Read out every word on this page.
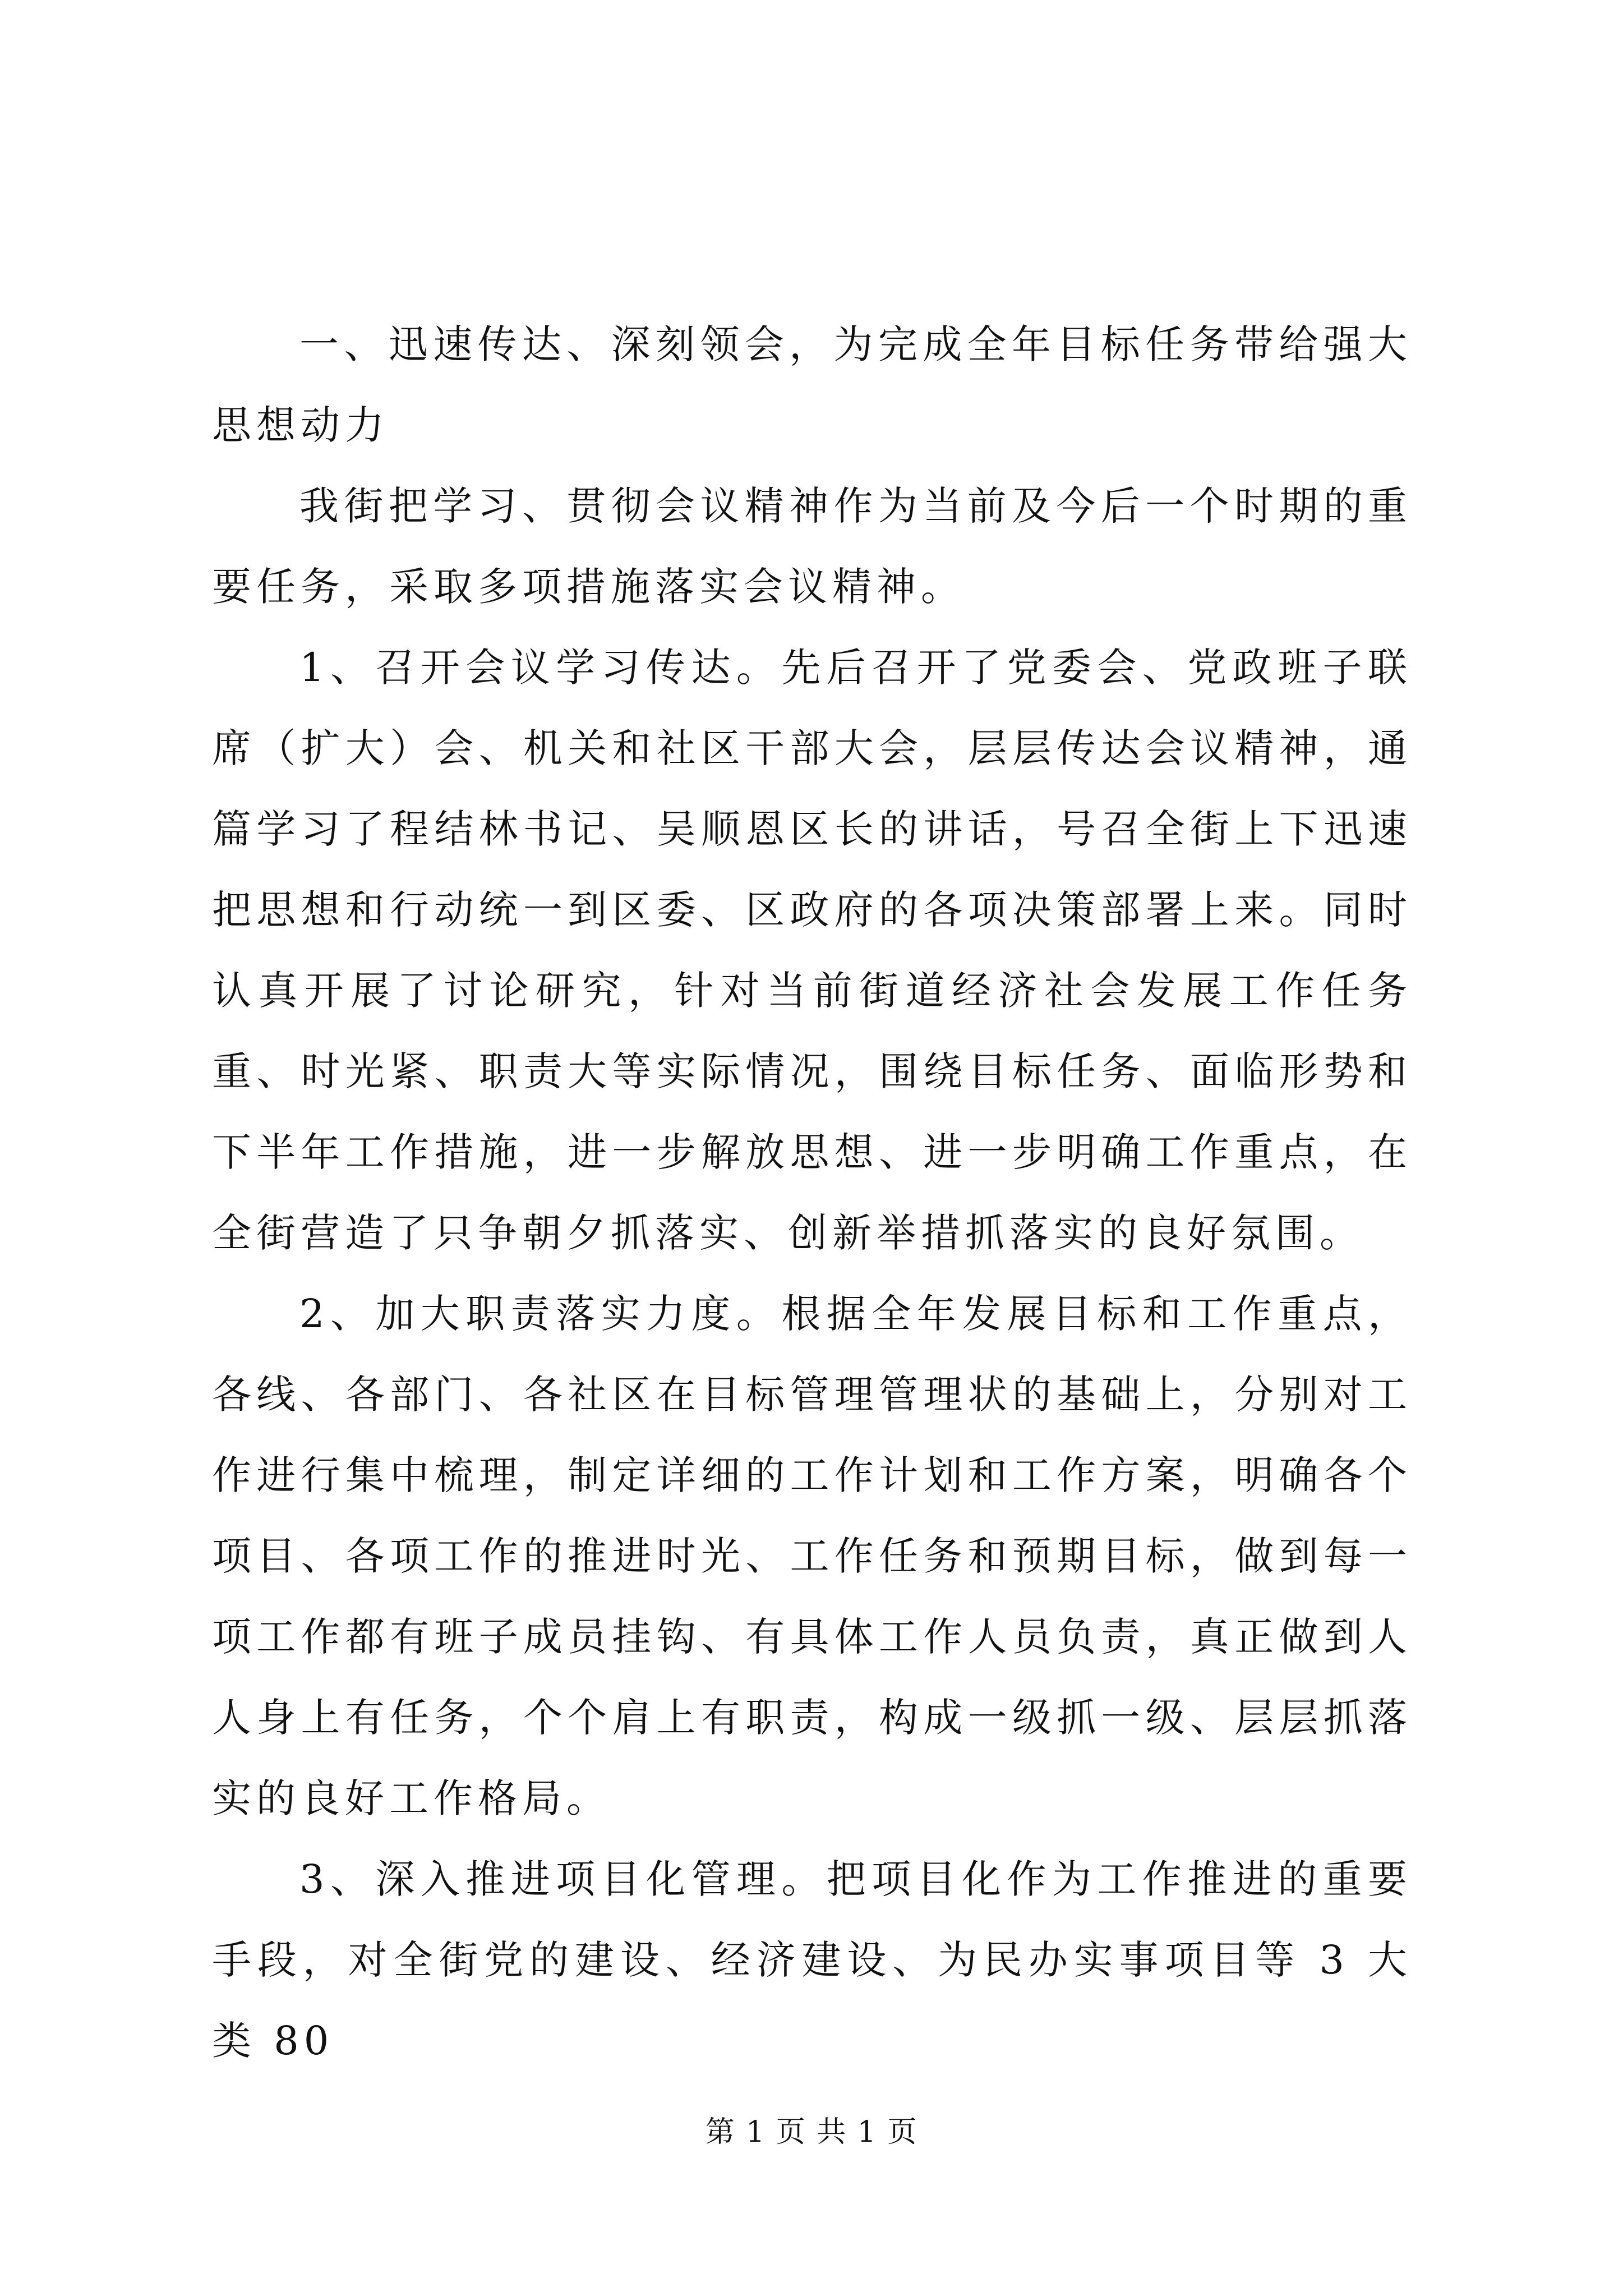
一、迅速传达、深刻领会，为完成全年目标任务带给强大思想动力

我街把学习、贯彻会议精神作为当前及今后一个时期的重要任务，采取多项措施落实会议精神。

1、召开会议学习传达。先后召开了党委会、党政班子联席（扩大）会、机关和社区干部大会，层层传达会议精神，通篇学习了程结林书记、吴顺恩区长的讲话，号召全街上下迅速把思想和行动统一到区委、区政府的各项决策部署上来。同时认真开展了讨论研究，针对当前街道经济社会发展工作任务重、时光紧、职责大等实际情况，围绕目标任务、面临形势和下半年工作措施，进一步解放思想、进一步明确工作重点，在全街营造了只争朝夕抓落实、创新举措抓落实的良好氛围。

2、加大职责落实力度。根据全年发展目标和工作重点，各线、各部门、各社区在目标管理管理状的基础上，分别对工作进行集中梳理，制定详细的工作计划和工作方案，明确各个项目、各项工作的推进时光、工作任务和预期目标，做到每一项工作都有班子成员挂钩、有具体工作人员负责，真正做到人人身上有任务，个个肩上有职责，构成一级抓一级、层层抓落实的良好工作格局。

3、深入推进项目化管理。把项目化作为工作推进的重要手段，对全街党的建设、经济建设、为民办实事项目等 3 大类 80

第 1 页 共 1 页
